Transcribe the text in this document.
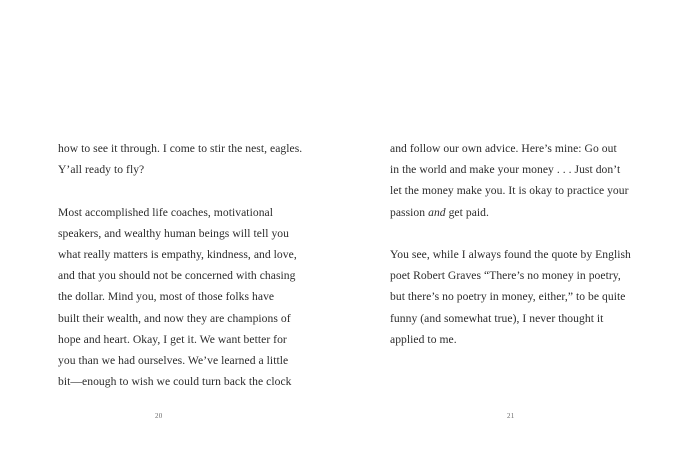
how to see it through. I come to stir the nest, eagles.
Y’all ready to fly?
Most accomplished life coaches, motivational
speakers, and wealthy human beings will tell you
what really matters is empathy, kindness, and love,
and that you should not be concerned with chasing
the dollar. Mind you, most of those folks have
built their wealth, and now they are champions of
hope and heart. Okay, I get it. We want better for
you than we had ourselves. We’ve learned a little
bit—enough to wish we could turn back the clock
20
and follow our own advice. Here’s mine: Go out
in the world and make your money . . . Just don’t
let the money make you. It is okay to practice your
passion and get paid.
You see, while I always found the quote by English
poet Robert Graves “There’s no money in poetry,
but there’s no poetry in money, either,” to be quite
funny (and somewhat true), I never thought it
applied to me.
21
